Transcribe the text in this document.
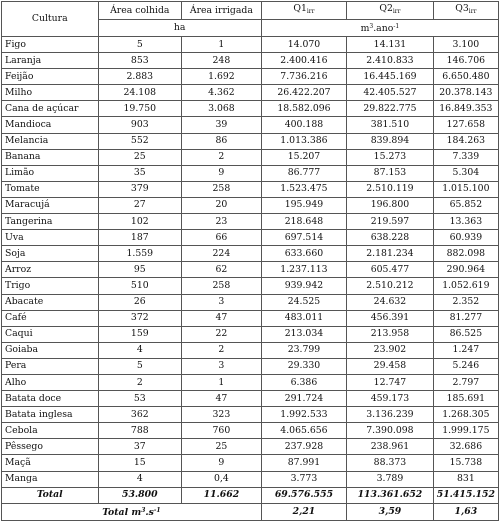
Cultura	Área colhida	Área irrigada	$Q1_{irr}$	$Q2_{irr}$	$Q3_{irr}$
	ha		$m^3.ano^{-1}$
Figo	5	1	14.070	14.131	3.100
Laranja	853	248	2.400.416	2.410.833	146.706
Feijão	2.883	1.692	7.736.216	16.445.169	6.650.480
Milho	24.108	4.362	26.422.207	42.405.527	20.378.143
Cana de açúcar	19.750	3.068	18.582.096	29.822.775	16.849.353
Mandioca	903	39	400.188	381.510	127.658
Melancia	552	86	1.013.386	839.894	184.263
Banana	25	2	15.207	15.273	7.339
Limão	35	9	86.777	87.153	5.304
Tomate	379	258	1.523.475	2.510.119	1.015.100
Maracujá	27	20	195.949	196.800	65.852
Tangerina	102	23	218.648	219.597	13.363
Uva	187	66	697.514	638.228	60.939
Soja	1.559	224	633.660	2.181.234	882.098
Arroz	95	62	1.237.113	605.477	290.964
Trigo	510	258	939.942	2.510.212	1.052.619
Abacate	26	3	24.525	24.632	2.352
Café	372	47	483.011	456.391	81.277
Caqui	159	22	213.034	213.958	86.525
Goiaba	4	2	23.799	23.902	1.247
Pera	5	3	29.330	29.458	5.246
Alho	2	1	6.386	12.747	2.797
Batata doce	53	47	291.724	459.173	185.691
Batata inglesa	362	323	1.992.533	3.136.239	1.268.305
Cebola	788	760	4.065.656	7.390.098	1.999.175
Pêssego	37	25	237.928	238.961	32.686
Maçã	15	9	87.991	88.373	15.738
Manga	4	0,4	3.773	3.789	831
Total	53.800	11.662	69.576.555	113.361.652	51.415.152
Total $m^3.s^{-1}$			2,21	3,59	1,63
